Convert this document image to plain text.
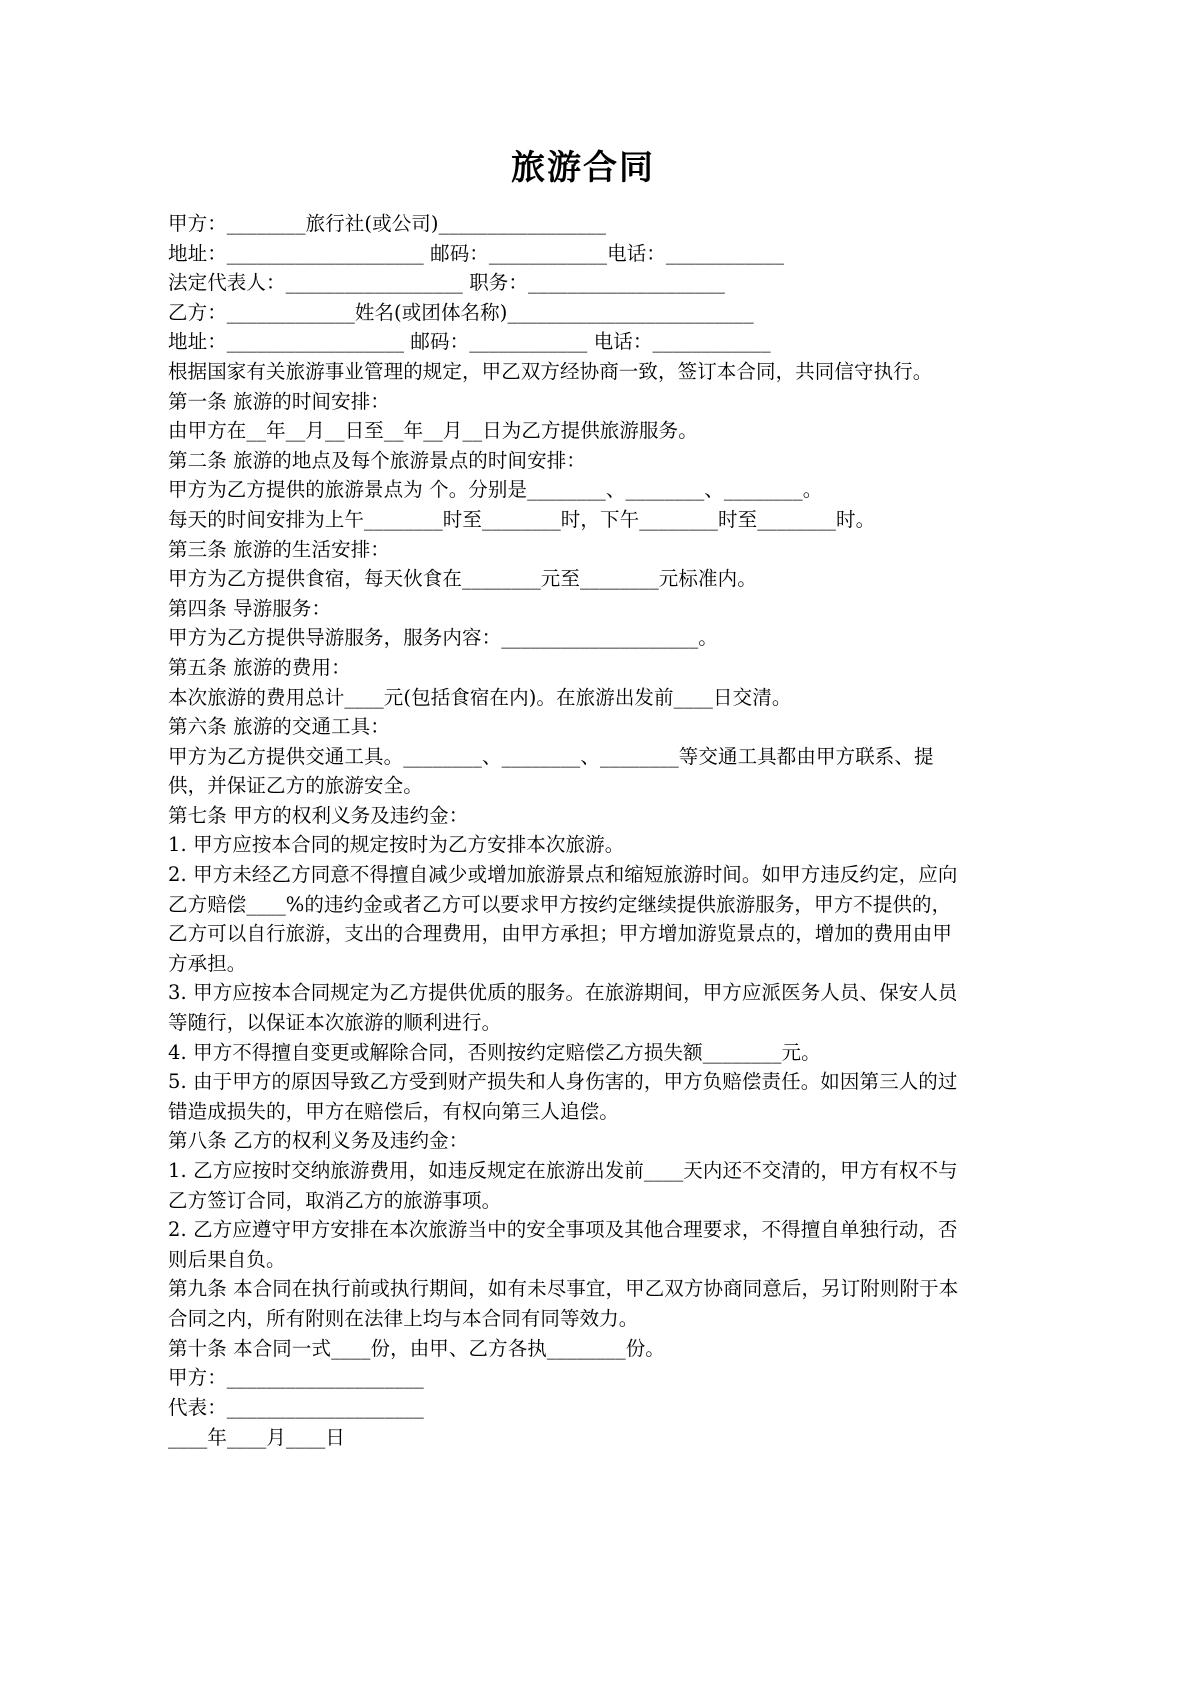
旅游合同

甲方：________旅行社(或公司)_________________

地址：____________________ 邮码：____________电话：____________

法定代表人：__________________ 职务：____________________

乙方：_____________姓名(或团体名称)_________________________

地址：__________________ 邮码：____________ 电话：____________

根据国家有关旅游事业管理的规定，甲乙双方经协商一致，签订本合同，共同信守执行。

第一条 旅游的时间安排：

由甲方在__年__月__日至__年__月__日为乙方提供旅游服务。

第二条 旅游的地点及每个旅游景点的时间安排：

甲方为乙方提供的旅游景点为 个。分别是________、________、________。

每天的时间安排为上午________时至________时，下午________时至________时。

第三条 旅游的生活安排：

甲方为乙方提供食宿，每天伙食在________元至________元标准内。

第四条 导游服务：

甲方为乙方提供导游服务，服务内容：____________________。

第五条 旅游的费用：

本次旅游的费用总计____元(包括食宿在内)。在旅游出发前____日交清。

第六条 旅游的交通工具：

甲方为乙方提供交通工具。________、________、________等交通工具都由甲方联系、提供，并保证乙方的旅游安全。

第七条 甲方的权利义务及违约金：

1. 甲方应按本合同的规定按时为乙方安排本次旅游。

2. 甲方未经乙方同意不得擅自减少或增加旅游景点和缩短旅游时间。如甲方违反约定，应向乙方赔偿____%的违约金或者乙方可以要求甲方按约定继续提供旅游服务，甲方不提供的，乙方可以自行旅游，支出的合理费用，由甲方承担；甲方增加游览景点的，增加的费用由甲方承担。

3. 甲方应按本合同规定为乙方提供优质的服务。在旅游期间，甲方应派医务人员、保安人员等随行，以保证本次旅游的顺利进行。

4. 甲方不得擅自变更或解除合同，否则按约定赔偿乙方损失额________元。

5. 由于甲方的原因导致乙方受到财产损失和人身伤害的，甲方负赔偿责任。如因第三人的过错造成损失的，甲方在赔偿后，有权向第三人追偿。

第八条 乙方的权利义务及违约金：

1. 乙方应按时交纳旅游费用，如违反规定在旅游出发前____天内还不交清的，甲方有权不与乙方签订合同，取消乙方的旅游事项。

2. 乙方应遵守甲方安排在本次旅游当中的安全事项及其他合理要求，不得擅自单独行动，否则后果自负。

第九条 本合同在执行前或执行期间，如有未尽事宜，甲乙双方协商同意后，另订附则附于本合同之内，所有附则在法律上均与本合同有同等效力。

第十条 本合同一式____份，由甲、乙方各执________份。

甲方：____________________

代表：____________________

____年____月____日
